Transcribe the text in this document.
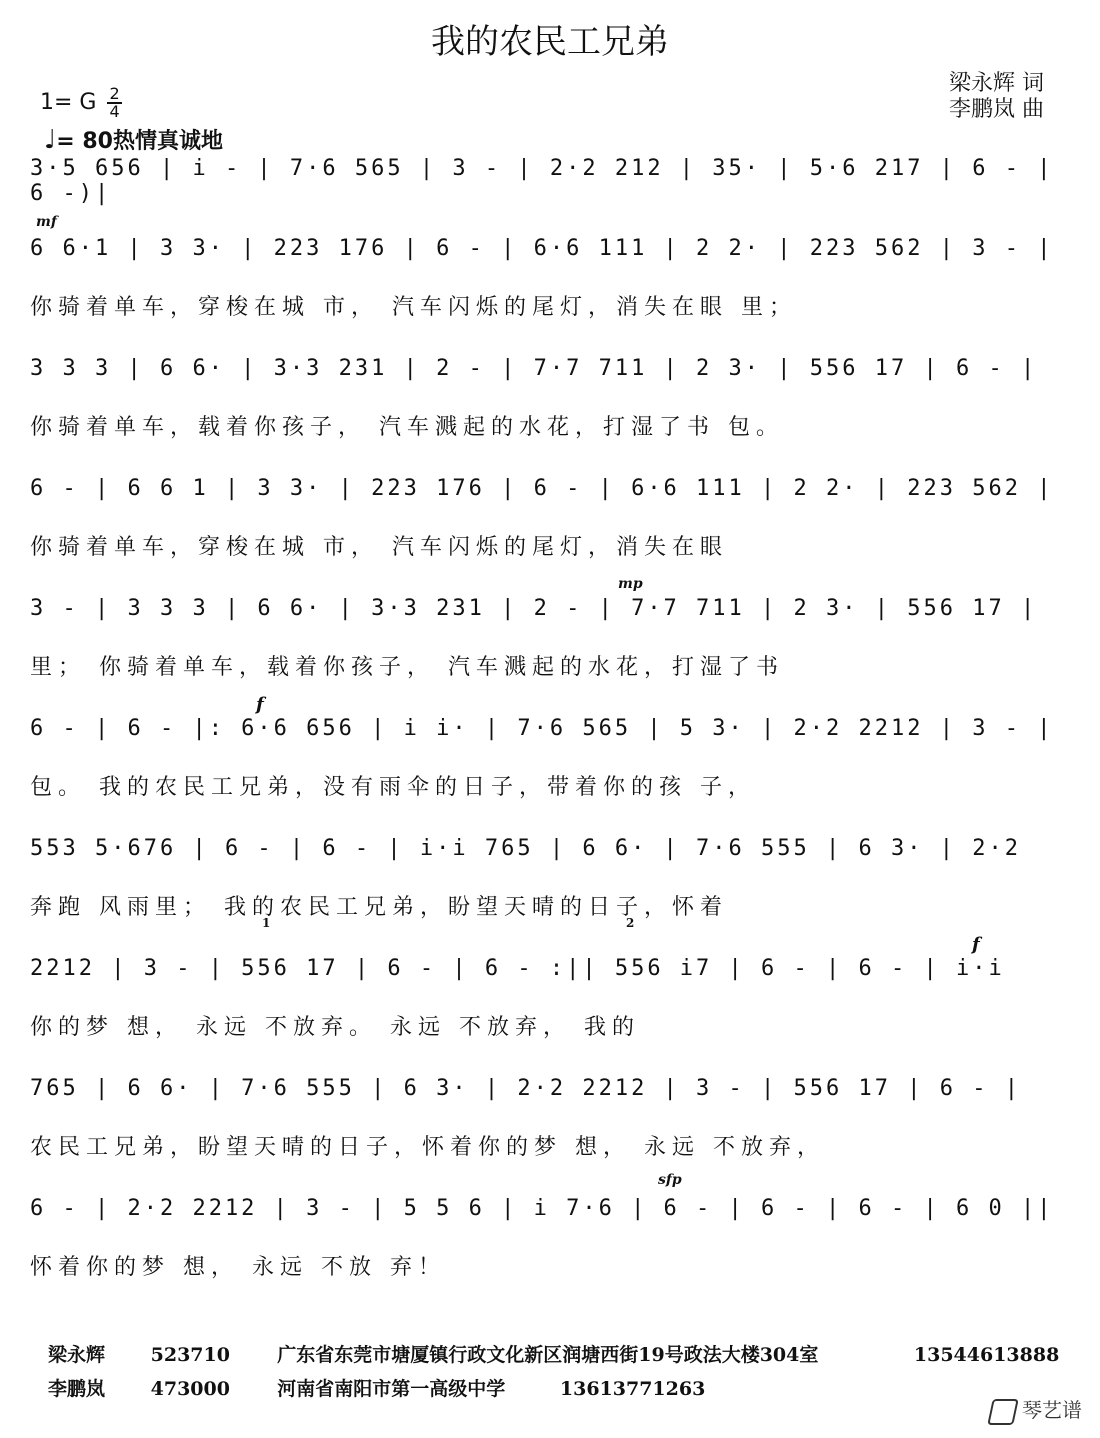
我的农民工兄弟
梁永辉 词
李鹏岚 曲
1= G $\frac{2}{4}$
♩= 80热情真诚地
3·5 656 | i - | 7·6 565 | 3 - | 2·2 212 | 35· | 5·6 217 | 6 - | 6 -)|
mf
6 6·1 | 3 3· | 223 176 | 6 - | 6·6 111 | 2 2· | 223 562 | 3 - |
你骑着单车，穿梭在城 市， 汽车闪烁的尾灯，消失在眼 里；
3 3 3 | 6 6· | 3·3 231 | 2 - | 7·7 711 | 2 3· | 556 17 | 6 - |
你骑着单车，载着你孩子， 汽车溅起的水花，打湿了书 包。
6 - | 6 6 1 | 3 3· | 223 176 | 6 - | 6·6 111 | 2 2· | 223 562 |
你骑着单车，穿梭在城 市， 汽车闪烁的尾灯，消失在眼
mp
3 - | 3 3 3 | 6 6· | 3·3 231 | 2 - | 7·7 711 | 2 3· | 556 17 |
里； 你骑着单车，载着你孩子， 汽车溅起的水花，打湿了书
f
6 - | 6 - |: 6·6 656 | i i· | 7·6 565 | 5 3· | 2·2 2212 | 3 - |
包。 我的农民工兄弟，没有雨伞的日子，带着你的孩 子，
553 5·676 | 6 - | 6 - | i·i 765 | 6 6· | 7·6 555 | 6 3· | 2·2
奔跑 风雨里； 我的农民工兄弟，盼望天晴的日子，怀着
1	2
f
2212 | 3 - | 556 17 | 6 - | 6 - :|| 556 i7 | 6 - | 6 - | i·i
你的梦 想， 永远 不放弃。 永远 不放弃， 我的
765 | 6 6· | 7·6 555 | 6 3· | 2·2 2212 | 3 - | 556 17 | 6 - |
农民工兄弟，盼望天晴的日子，怀着你的梦 想， 永远 不放弃，
sfp
6 - | 2·2 2212 | 3 - | 5 5 6 | i 7·6 | 6 - | 6 - | 6 - | 6 0 ||
怀着你的梦 想， 永远 不放 弃！
梁永辉 523710 广东省东莞市塘厦镇行政文化新区润塘西街19号政法大楼304室	13544613888
李鹏岚 473000 河南省南阳市第一高级中学	13613771263
琴艺谱
